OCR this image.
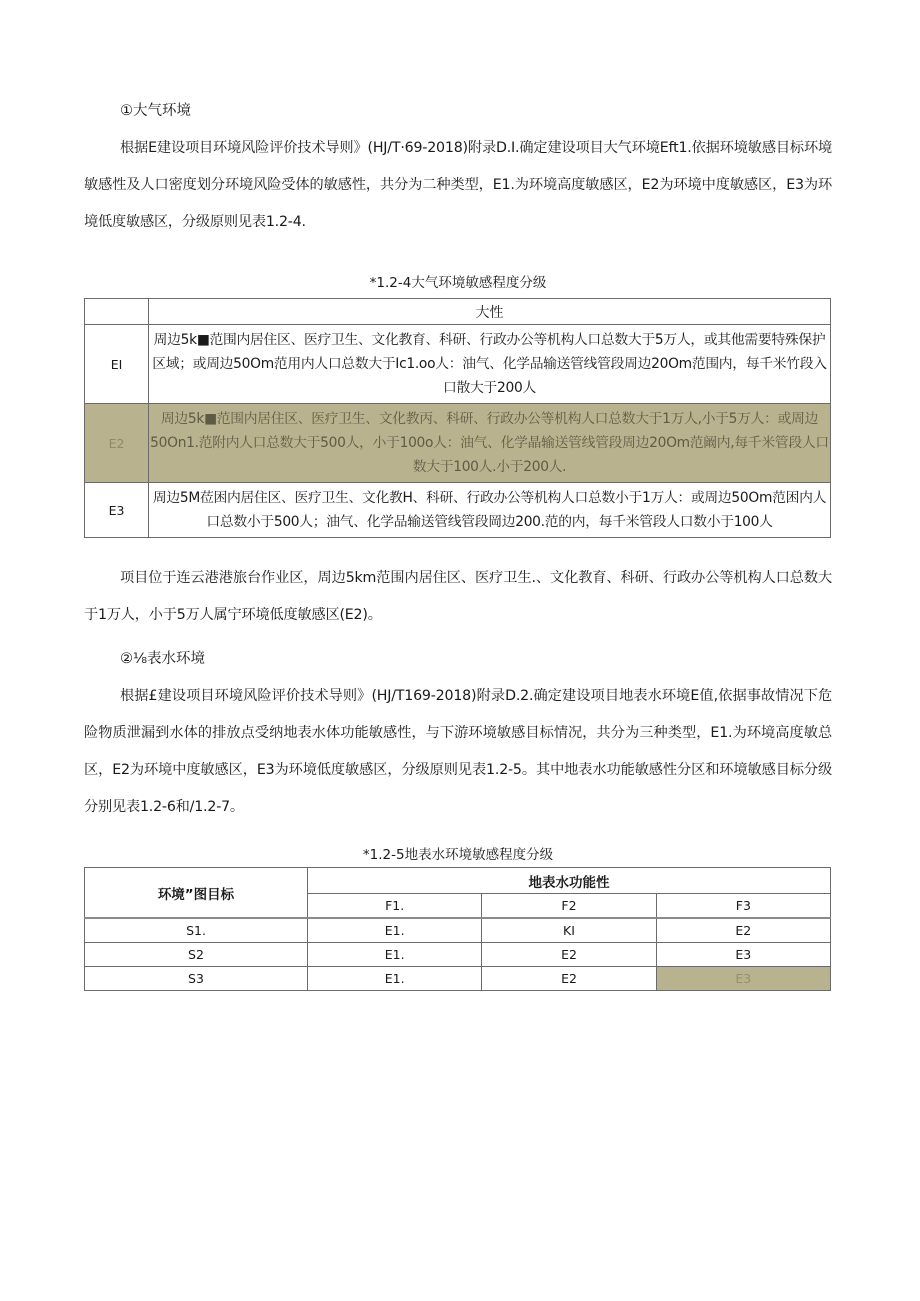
①大气环境
根据E建设项目环境风险评价技术导则》(HJ/T·69-2018)附录D.I.确定建设项目大气环境Eft1.依据环境敏感目标环境敏感性及人口密度划分环境风险受体的敏感性，共分为二种类型，E1.为环境高度敏感区，E2为环境中度敏感区，E3为环境低度敏感区，分级原则见表1.2-4.
*1.2-4大气环境敏感程度分级
	大性
EI	周边5k■范围内居住区、医疗卫生、文化教育、科研、行政办公等机构人口总数大于5万人，或其他需要特殊保护区域；或周边50Om范用内人口总数大于Ic1.oo人：油气、化学品输送管线管段周边20Om范围内，每千米竹段入口散大于200人
E2	周边5k■范围内居住区、医疗卫生、文化教丙、科研、行政办公等机构人口总数大于1万人,小于5万人：或周边50On1.范附内人口总数大于500人，小于100o人：油气、化学晶输送管线管段周边20Om范阚内,每千米管段人口数大于100人.小于200人.
E3	周边5M莅困内居住区、医疗卫生、文化教H、科研、行政办公等机构人口总数小于1万人：或周边50Om范困内人口总数小于500人；油气、化学品输送管线管段岡边200.范的内，每千米管段人口数小于100人
项目位于连云港港旅台作业区，周边5km范围内居住区、医疗卫生.、文化教育、科研、行政办公等机构人口总数大于1万人，小于5万人属宁环境低度敏感区(E2)。
②⅛表水环境
根据£建设项目环境风险评价技术导则》(HJ/T169-2018)附录D.2.确定建设项目地表水环境E值,依据事故情况下危险物质泄漏到水体的排放点受纳地表水体功能敏感性，与下游环境敏感目标情况，共分为三种类型，E1.为环境高度敏总区，E2为环境中度敏感区，E3为环境低度敏感区，分级原则见表1.2-5。其中地表水功能敏感性分区和环境敏感目标分级分别见表1.2-6和/1.2-7。
*1.2-5地表水环境敏感程度分级
环境”图目标	地表水功能性		
	F1.	F2	F3
S1.	E1.	KI	E2
S2	E1.	E2	E3
S3	E1.	E2	E3
